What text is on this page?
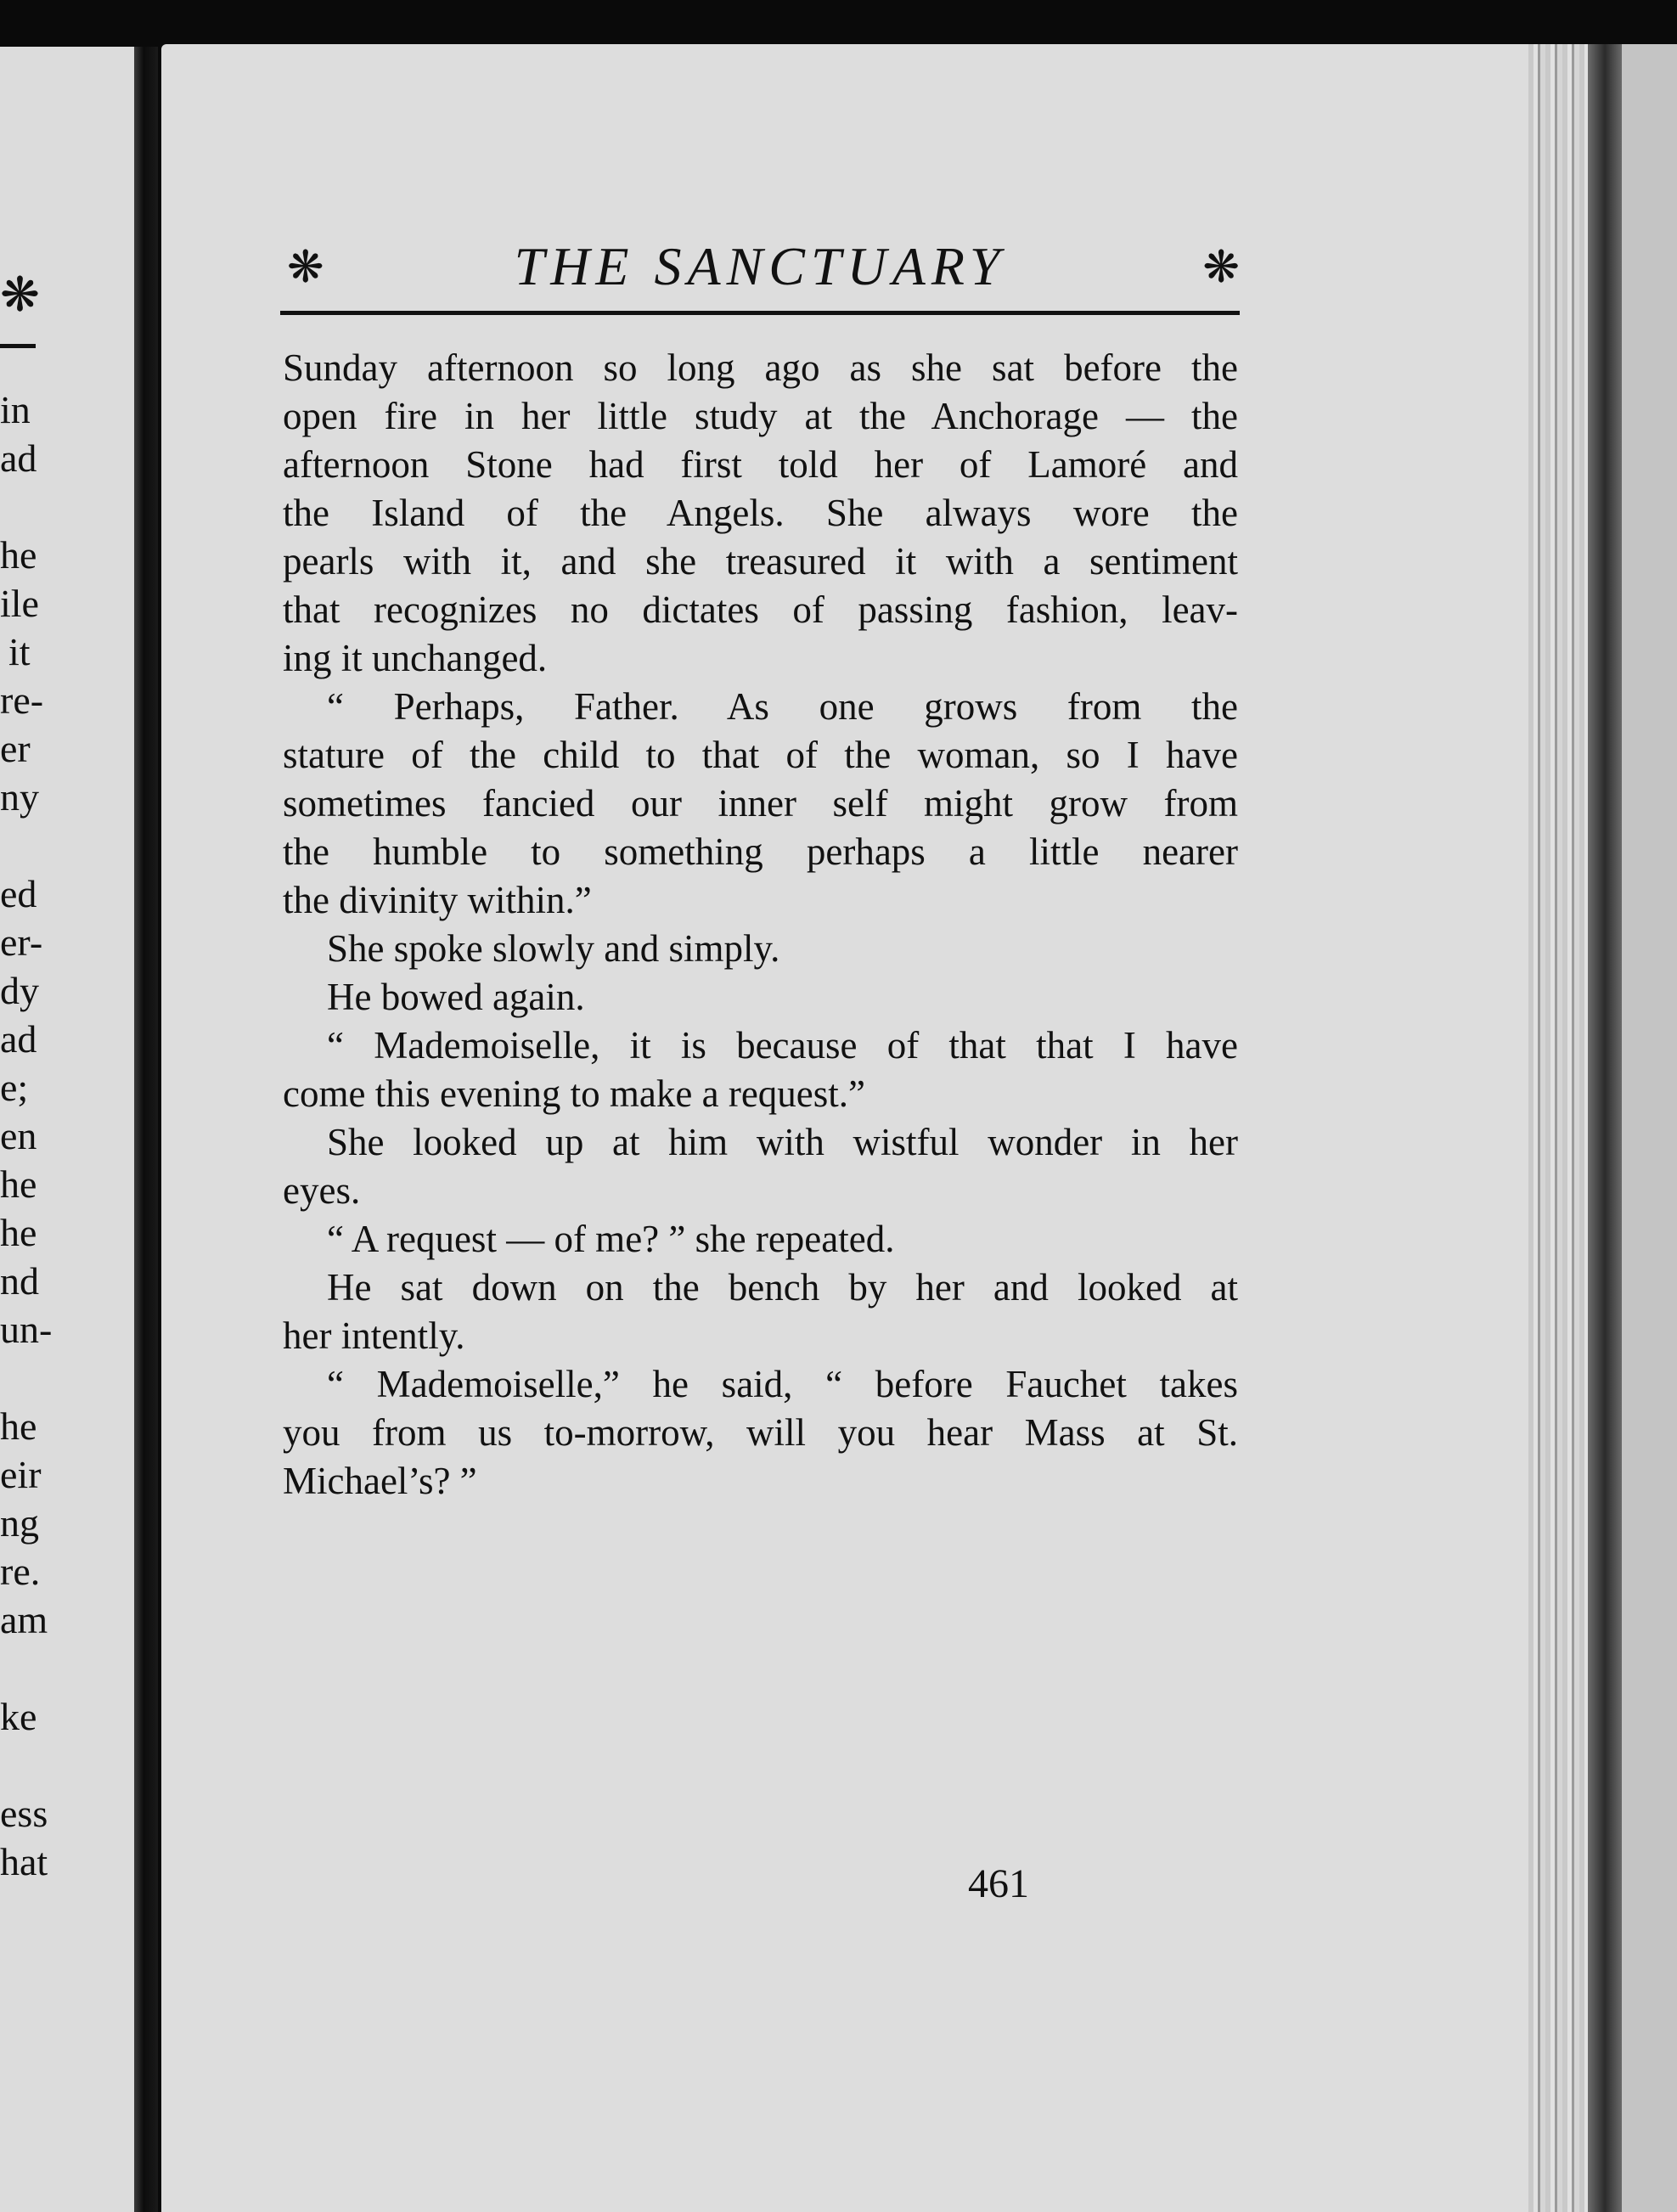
❋
in
ad
he
ile
it
re-
er
ny
ed
er-
dy
ad
e;
en
he
he
nd
un-
he
eir
ng
re.
am
ke
ess
hat
❋	THE SANCTUARY	❋
Sunday afternoon so long ago as she sat before the
open fire in her little study at the Anchorage — the
afternoon Stone had first told her of Lamoré and
the Island of the Angels. She always wore the
pearls with it, and she treasured it with a sentiment
that recognizes no dictates of passing fashion, leav-
ing it unchanged.
“ Perhaps, Father. As one grows from the
stature of the child to that of the woman, so I have
sometimes fancied our inner self might grow from
the humble to something perhaps a little nearer
the divinity within.”
She spoke slowly and simply.
He bowed again.
“ Mademoiselle, it is because of that that I have
come this evening to make a request.”
She looked up at him with wistful wonder in her
eyes.
“ A request — of me? ” she repeated.
He sat down on the bench by her and looked at
her intently.
“ Mademoiselle,” he said, “ before Fauchet takes
you from us to-morrow, will you hear Mass at St.
Michael’s? ”
461
